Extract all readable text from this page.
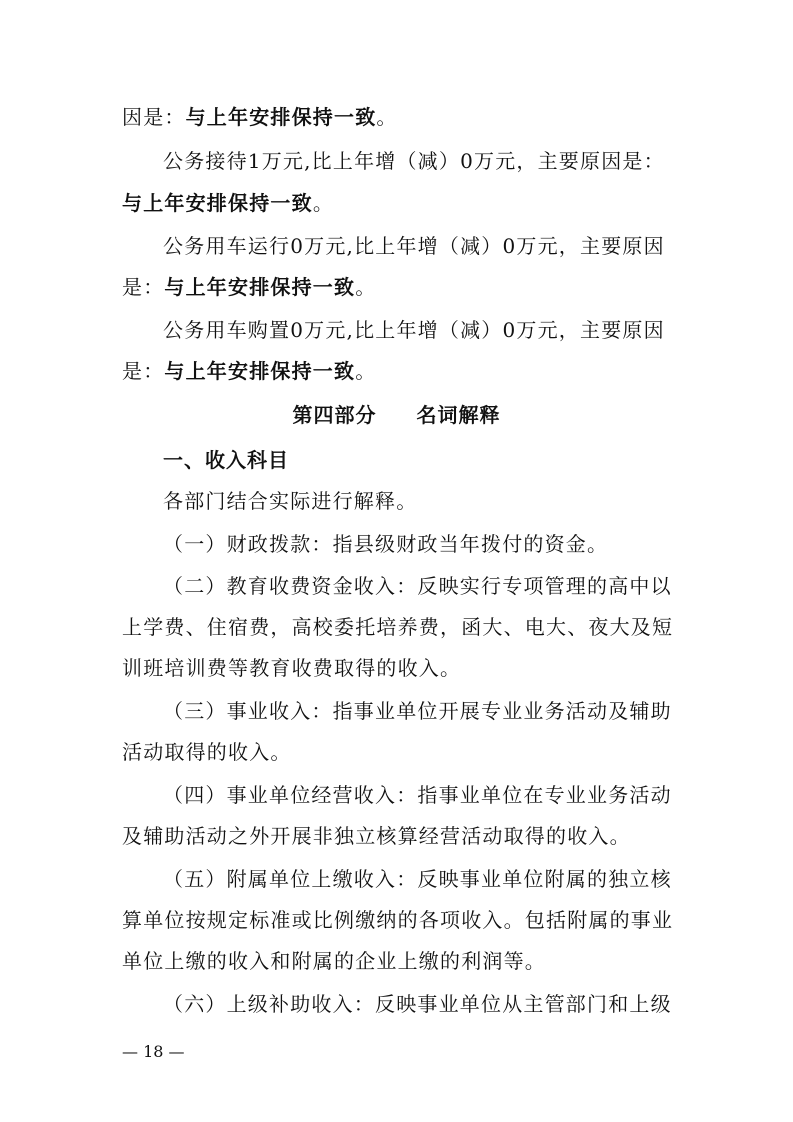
因是：与上年安排保持一致。
公务接待1万元,比上年增（减）0万元，主要原因是：
与上年安排保持一致。
公务用车运行0万元,比上年增（减）0万元，主要原因
是：与上年安排保持一致。
公务用车购置0万元,比上年增（减）0万元，主要原因
是：与上年安排保持一致。
第四部分 名词解释
一、收入科目
各部门结合实际进行解释。
（一）财政拨款：指县级财政当年拨付的资金。
（二）教育收费资金收入：反映实行专项管理的高中以
上学费、住宿费，高校委托培养费，函大、电大、夜大及短
训班培训费等教育收费取得的收入。
（三）事业收入：指事业单位开展专业业务活动及辅助
活动取得的收入。
（四）事业单位经营收入：指事业单位在专业业务活动
及辅助活动之外开展非独立核算经营活动取得的收入。
（五）附属单位上缴收入：反映事业单位附属的独立核
算单位按规定标准或比例缴纳的各项收入。包括附属的事业
单位上缴的收入和附属的企业上缴的利润等。
（六）上级补助收入：反映事业单位从主管部门和上级
— 18 —
